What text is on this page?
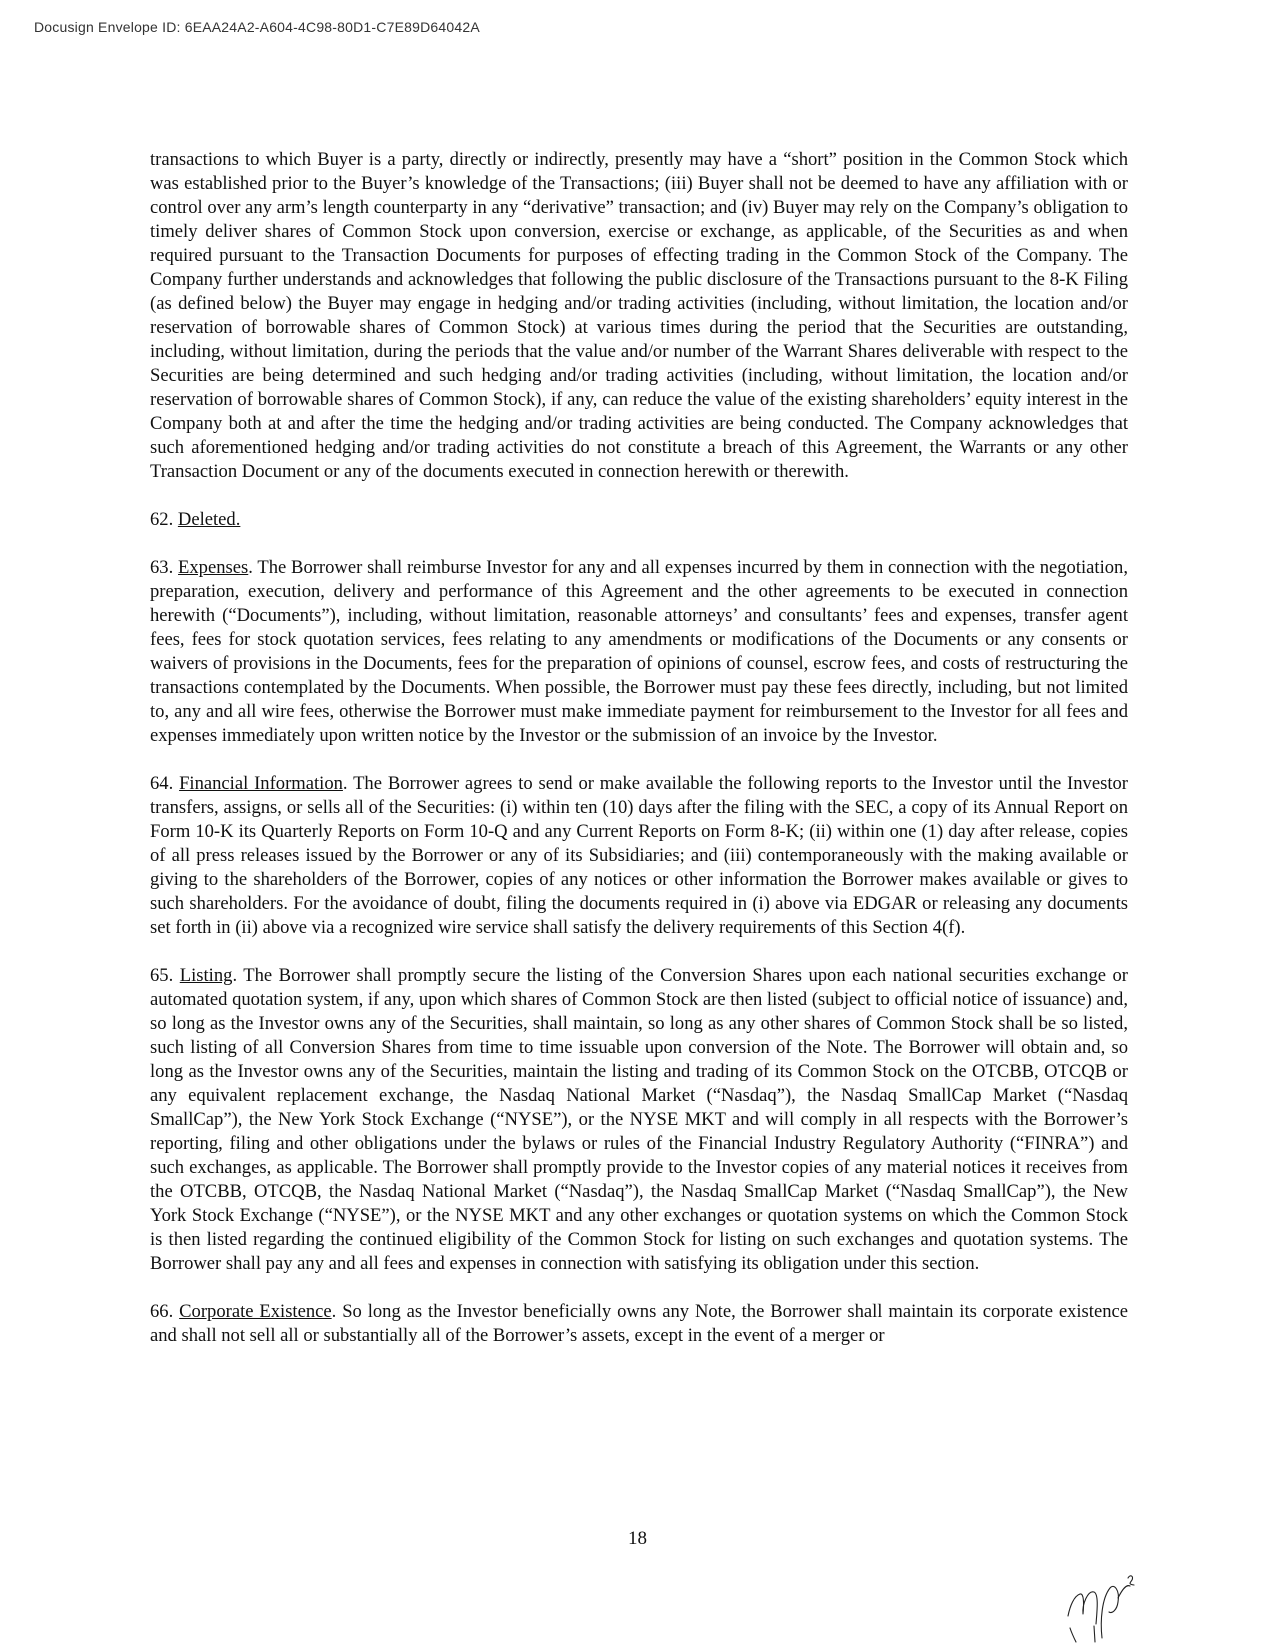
Docusign Envelope ID: 6EAA24A2-A604-4C98-80D1-C7E89D64042A

transactions to which Buyer is a party, directly or indirectly, presently may have a “short” position in the Common Stock which was established prior to the Buyer’s knowledge of the Transactions; (iii) Buyer shall not be deemed to have any affiliation with or control over any arm’s length counterparty in any “derivative” transaction; and (iv) Buyer may rely on the Company’s obligation to timely deliver shares of Common Stock upon conversion, exercise or exchange, as applicable, of the Securities as and when required pursuant to the Transaction Documents for purposes of effecting trading in the Common Stock of the Company. The Company further understands and acknowledges that following the public disclosure of the Transactions pursuant to the 8-K Filing (as defined below) the Buyer may engage in hedging and/or trading activities (including, without limitation, the location and/or reservation of borrowable shares of Common Stock) at various times during the period that the Securities are outstanding, including, without limitation, during the periods that the value and/or number of the Warrant Shares deliverable with respect to the Securities are being determined and such hedging and/or trading activities (including, without limitation, the location and/or reservation of borrowable shares of Common Stock), if any, can reduce the value of the existing shareholders’ equity interest in the Company both at and after the time the hedging and/or trading activities are being conducted. The Company acknowledges that such aforementioned hedging and/or trading activities do not constitute a breach of this Agreement, the Warrants or any other Transaction Document or any of the documents executed in connection herewith or therewith.

62. Deleted.

63. Expenses. The Borrower shall reimburse Investor for any and all expenses incurred by them in connection with the negotiation, preparation, execution, delivery and performance of this Agreement and the other agreements to be executed in connection herewith (“Documents”), including, without limitation, reasonable attorneys’ and consultants’ fees and expenses, transfer agent fees, fees for stock quotation services, fees relating to any amendments or modifications of the Documents or any consents or waivers of provisions in the Documents, fees for the preparation of opinions of counsel, escrow fees, and costs of restructuring the transactions contemplated by the Documents. When possible, the Borrower must pay these fees directly, including, but not limited to, any and all wire fees, otherwise the Borrower must make immediate payment for reimbursement to the Investor for all fees and expenses immediately upon written notice by the Investor or the submission of an invoice by the Investor.

64. Financial Information. The Borrower agrees to send or make available the following reports to the Investor until the Investor transfers, assigns, or sells all of the Securities: (i) within ten (10) days after the filing with the SEC, a copy of its Annual Report on Form 10-K its Quarterly Reports on Form 10-Q and any Current Reports on Form 8-K; (ii) within one (1) day after release, copies of all press releases issued by the Borrower or any of its Subsidiaries; and (iii) contemporaneously with the making available or giving to the shareholders of the Borrower, copies of any notices or other information the Borrower makes available or gives to such shareholders. For the avoidance of doubt, filing the documents required in (i) above via EDGAR or releasing any documents set forth in (ii) above via a recognized wire service shall satisfy the delivery requirements of this Section 4(f).

65. Listing. The Borrower shall promptly secure the listing of the Conversion Shares upon each national securities exchange or automated quotation system, if any, upon which shares of Common Stock are then listed (subject to official notice of issuance) and, so long as the Investor owns any of the Securities, shall maintain, so long as any other shares of Common Stock shall be so listed, such listing of all Conversion Shares from time to time issuable upon conversion of the Note. The Borrower will obtain and, so long as the Investor owns any of the Securities, maintain the listing and trading of its Common Stock on the OTCBB, OTCQB or any equivalent replacement exchange, the Nasdaq National Market (“Nasdaq”), the Nasdaq SmallCap Market (“Nasdaq SmallCap”), the New York Stock Exchange (“NYSE”), or the NYSE MKT and will comply in all respects with the Borrower’s reporting, filing and other obligations under the bylaws or rules of the Financial Industry Regulatory Authority (“FINRA”) and such exchanges, as applicable. The Borrower shall promptly provide to the Investor copies of any material notices it receives from the OTCBB, OTCQB, the Nasdaq National Market (“Nasdaq”), the Nasdaq SmallCap Market (“Nasdaq SmallCap”), the New York Stock Exchange (“NYSE”), or the NYSE MKT and any other exchanges or quotation systems on which the Common Stock is then listed regarding the continued eligibility of the Common Stock for listing on such exchanges and quotation systems. The Borrower shall pay any and all fees and expenses in connection with satisfying its obligation under this section.

66. Corporate Existence. So long as the Investor beneficially owns any Note, the Borrower shall maintain its corporate existence and shall not sell all or substantially all of the Borrower’s assets, except in the event of a merger or

18
